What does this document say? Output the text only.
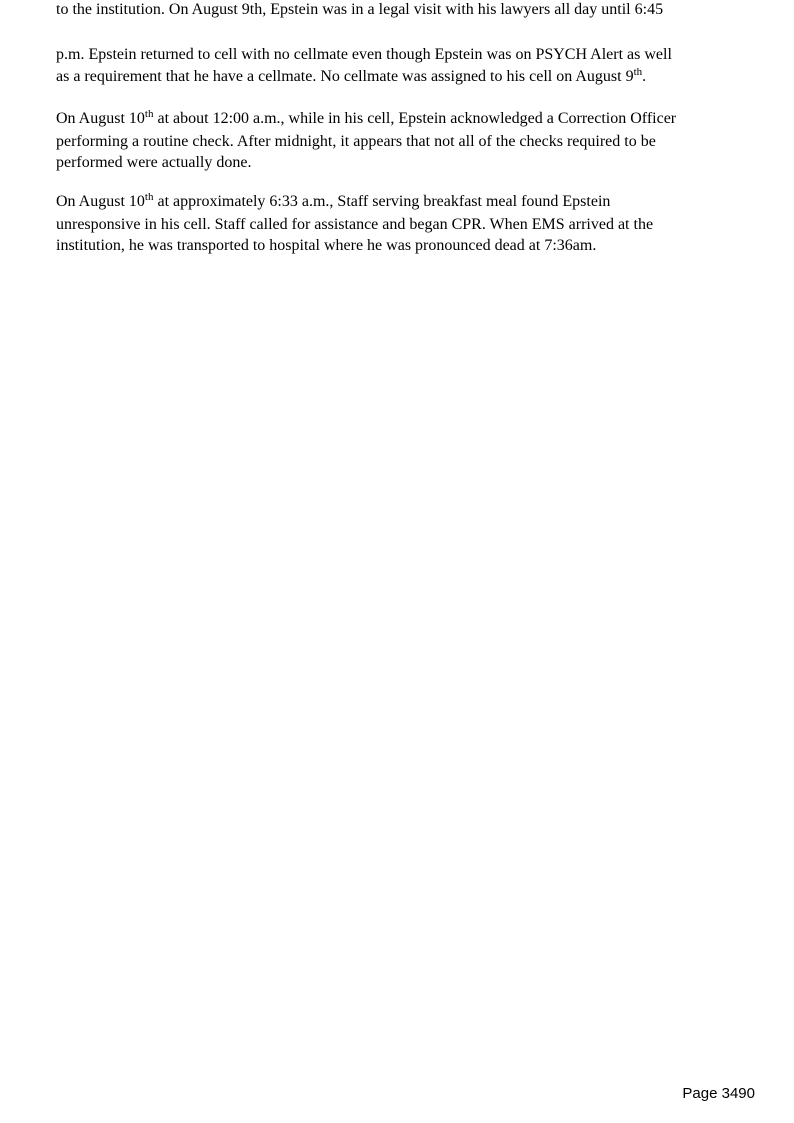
to the institution. On August 9th, Epstein was in a legal visit with his lawyers all day until 6:45
p.m. Epstein returned to cell with no cellmate even though Epstein was on PSYCH Alert as well
as a requirement that he have a cellmate. No cellmate was assigned to his cell on August 9th.
On August 10th at about 12:00 a.m., while in his cell, Epstein acknowledged a Correction Officer
performing a routine check. After midnight, it appears that not all of the checks required to be
performed were actually done.
On August 10th at approximately 6:33 a.m., Staff serving breakfast meal found Epstein
unresponsive in his cell. Staff called for assistance and began CPR. When EMS arrived at the
institution, he was transported to hospital where he was pronounced dead at 7:36am.
Page 3490
